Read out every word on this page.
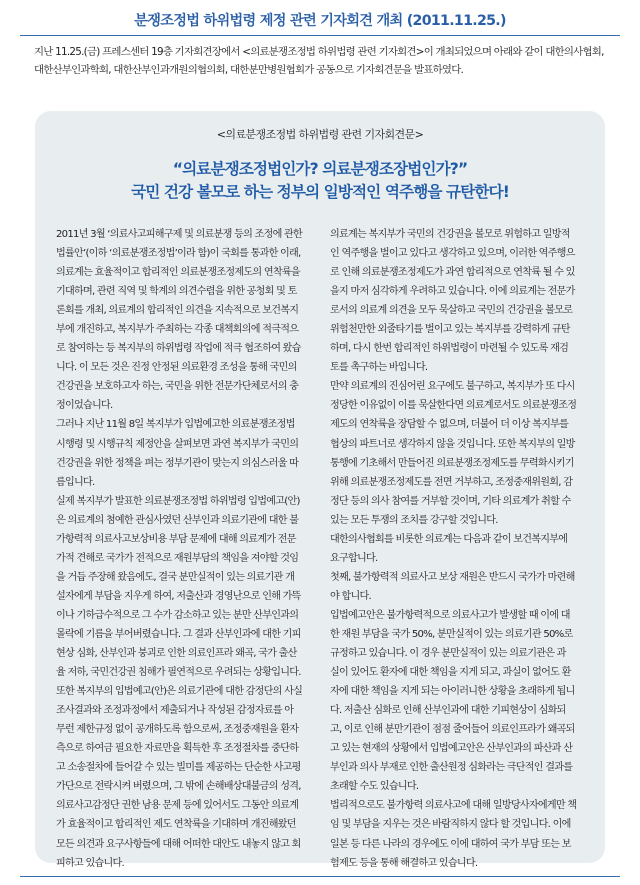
분쟁조정법 하위법령 제정 관련 기자회견 개최 (2011.11.25.)
지난 11.25.(금) 프레스센터 19층 기자회견장에서 <의료분쟁조정법 하위법령 관련 기자회견>이 개최되었으며 아래와 같이 대한의사협회,
대한산부인과학회, 대한산부인과개원의협의회, 대한분만병원협회가 공동으로 기자회견문을 발표하였다.
<의료분쟁조정법 하위법령 관련 기자회견문>
“의료분쟁조정법인가? 의료분쟁조장법인가?”
국민 건강 볼모로 하는 정부의 일방적인 역주행을 규탄한다!
2011년 3월 ‘의료사고피해구제 및 의료분쟁 등의 조정에 관한
법률안’(이하 ‘의료분쟁조정법’이라 함)이 국회를 통과한 이래,
의료계는 효율적이고 합리적인 의료분쟁조정제도의 연착륙을
기대하며, 관련 직역 및 학계의 의견수렴을 위한 공청회 및 토
론회를 개최, 의료계의 합리적인 의견을 지속적으로 보건복지
부에 개진하고, 복지부가 주최하는 각종 대책회의에 적극적으
로 참여하는 등 복지부의 하위법령 작업에 적극 협조하여 왔습
니다. 이 모든 것은 진정 안정된 의료환경 조성을 통해 국민의
건강권을 보호하고자 하는, 국민을 위한 전문가단체로서의 충
정이었습니다.
그러나 지난 11월 8일 복지부가 입법예고한 의료분쟁조정법
시행령 및 시행규칙 제정안을 살펴보면 과연 복지부가 국민의
건강권을 위한 정책을 펴는 정부기관이 맞는지 의심스러울 따
름입니다.
실제 복지부가 발표한 의료분쟁조정법 하위법령 입법예고(안)
은 의료계의 첨예한 관심사였던 산부인과 의료기관에 대한 불
가항력적 의료사고보상비용 부담 문제에 대해 의료계가 전문
가적 견해로 국가가 전적으로 재원부담의 책임을 져야할 것임
을 거듭 주장해 왔음에도, 결국 분만실적이 있는 의료기관 개
설자에게 부담을 지우게 하여, 저출산과 경영난으로 인해 가뜩
이나 기하급수적으로 그 수가 감소하고 있는 분만 산부인과의
몰락에 기름을 부어버렸습니다. 그 결과 산부인과에 대한 기피
현상 심화, 산부인과 붕괴로 인한 의료인프라 왜곡, 국가 출산
율 저하, 국민건강권 침해가 필연적으로 우려되는 상황입니다.
또한 복지부의 입법예고(안)은 의료기관에 대한 감정단의 사실
조사결과와 조정과정에서 제출되거나 작성된 감정자료를 아
무런 제한규정 없이 공개하도록 함으로써, 조정중재원을 환자
측으로 하여금 필요한 자료만을 획득한 후 조정절차를 중단하
고 소송절차에 들어갈 수 있는 빌미를 제공하는 단순한 사고평
가단으로 전락시켜 버렸으며, 그 밖에 손해배상대불금의 성격,
의료사고감정단 권한 남용 문제 등에 있어서도 그동안 의료계
가 효율적이고 합리적인 제도 연착륙을 기대하며 개진해왔던
모든 의견과 요구사항들에 대해 어떠한 대안도 내놓지 않고 회
피하고 있습니다.
의료계는 복지부가 국민의 건강권을 볼모로 위험하고 일방적
인 역주행을 벌이고 있다고 생각하고 있으며, 이러한 역주행으
로 인해 의료분쟁조정제도가 과연 합리적으로 연착륙 될 수 있
을지 마저 심각하게 우려하고 있습니다. 이에 의료계는 전문가
로서의 의료계 의견을 모두 묵살하고 국민의 건강권을 볼모로
위험천만한 외줄타기를 벌이고 있는 복지부를 강력하게 규탄
하며, 다시 한번 합리적인 하위법령이 마련될 수 있도록 재검
토를 촉구하는 바입니다.
만약 의료계의 진심어린 요구에도 불구하고, 복지부가 또 다시
정당한 이유없이 이를 묵살한다면 의료계로서도 의료분쟁조정
제도의 연착륙을 장담할 수 없으며, 더불어 더 이상 복지부를
협상의 파트너로 생각하지 않을 것입니다. 또한 복지부의 일방
통행에 기초해서 만들어진 의료분쟁조정제도를 무력화시키기
위해 의료분쟁조정제도를 전면 거부하고, 조정중재위원회, 감
정단 등의 의사 참여를 거부할 것이며, 기타 의료계가 취할 수
있는 모든 투쟁의 조치를 강구할 것입니다.
대한의사협회를 비롯한 의료계는 다음과 같이 보건복지부에
요구합니다.
첫째, 불가항력적 의료사고 보상 재원은 반드시 국가가 마련해
야 합니다.
입법예고안은 불가항력적으로 의료사고가 발생할 때 이에 대
한 재원 부담을 국가 50%, 분만실적이 있는 의료기관 50%로
규정하고 있습니다. 이 경우 분만실적이 있는 의료기관은 과
실이 있어도 환자에 대한 책임을 지게 되고, 과실이 없어도 환
자에 대한 책임을 지게 되는 아이러니한 상황을 초래하게 됩니
다. 저출산 심화로 인해 산부인과에 대한 기피현상이 심화되
고, 이로 인해 분만기관이 점점 줄어들어 의료인프라가 왜곡되
고 있는 현재의 상황에서 입법예고안은 산부인과의 파산과 산
부인과 의사 부재로 인한 출산원정 심화라는 극단적인 결과를
초래할 수도 있습니다.
법리적으로도 불가항력 의료사고에 대해 일방당사자에게만 책
임 및 부담을 지우는 것은 바람직하지 않다 할 것입니다. 이에
일본 등 다른 나라의 경우에도 이에 대하여 국가 부담 또는 보
험제도 등을 통해 해결하고 있습니다.
